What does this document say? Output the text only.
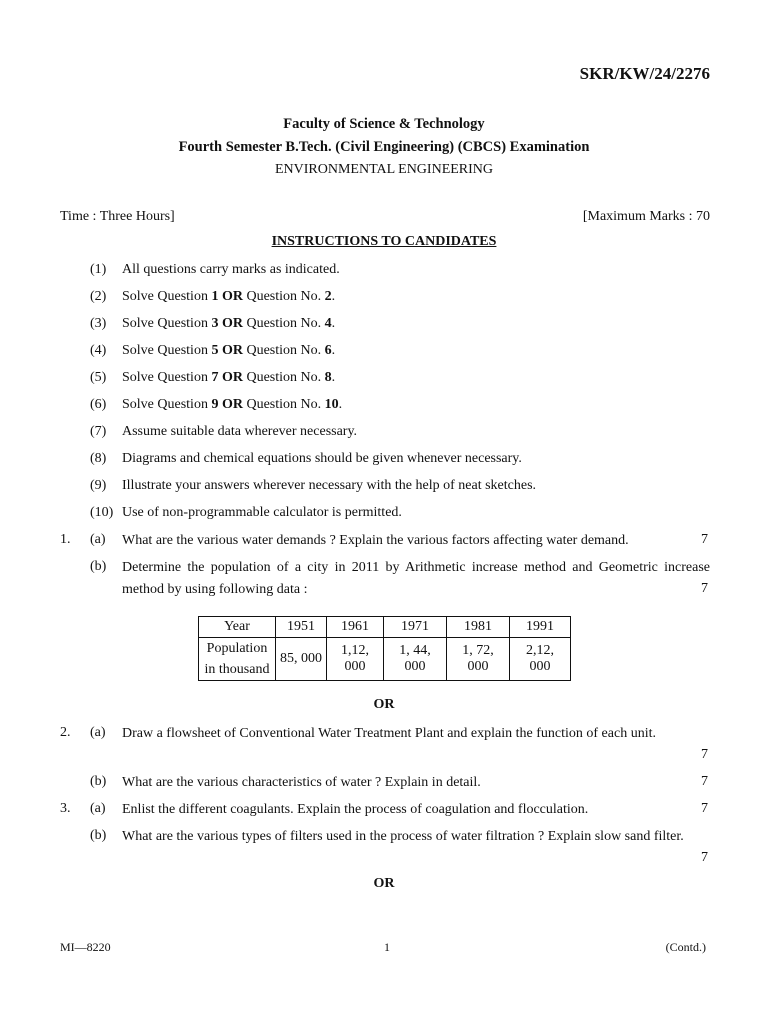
SKR/KW/24/2276
Faculty of Science & Technology
Fourth Semester B.Tech. (Civil Engineering) (CBCS) Examination
ENVIRONMENTAL ENGINEERING
Time : Three Hours]	[Maximum Marks : 70
INSTRUCTIONS TO CANDIDATES
(1) All questions carry marks as indicated.
(2) Solve Question 1 OR Question No. 2.
(3) Solve Question 3 OR Question No. 4.
(4) Solve Question 5 OR Question No. 6.
(5) Solve Question 7 OR Question No. 8.
(6) Solve Question 9 OR Question No. 10.
(7) Assume suitable data wherever necessary.
(8) Diagrams and chemical equations should be given whenever necessary.
(9) Illustrate your answers wherever necessary with the help of neat sketches.
(10) Use of non-programmable calculator is permitted.
1. (a) What are the various water demands ? Explain the various factors affecting water demand.	7
(b) Determine the population of a city in 2011 by Arithmetic increase method and Geometric increase method by using following data :	7
Year	1951	1961	1971	1981	1991
Population
in thousand	85, 000	1,12, 000	1, 44, 000	1, 72, 000	2,12, 000
OR
2. (a) Draw a flowsheet of Conventional Water Treatment Plant and explain the function of each unit.
7
(b) What are the various characteristics of water ? Explain in detail.	7
3. (a) Enlist the different coagulants. Explain the process of coagulation and flocculation.	7
(b) What are the various types of filters used in the process of water filtration ? Explain slow sand filter.
7
OR
MI—8220	1	(Contd.)
